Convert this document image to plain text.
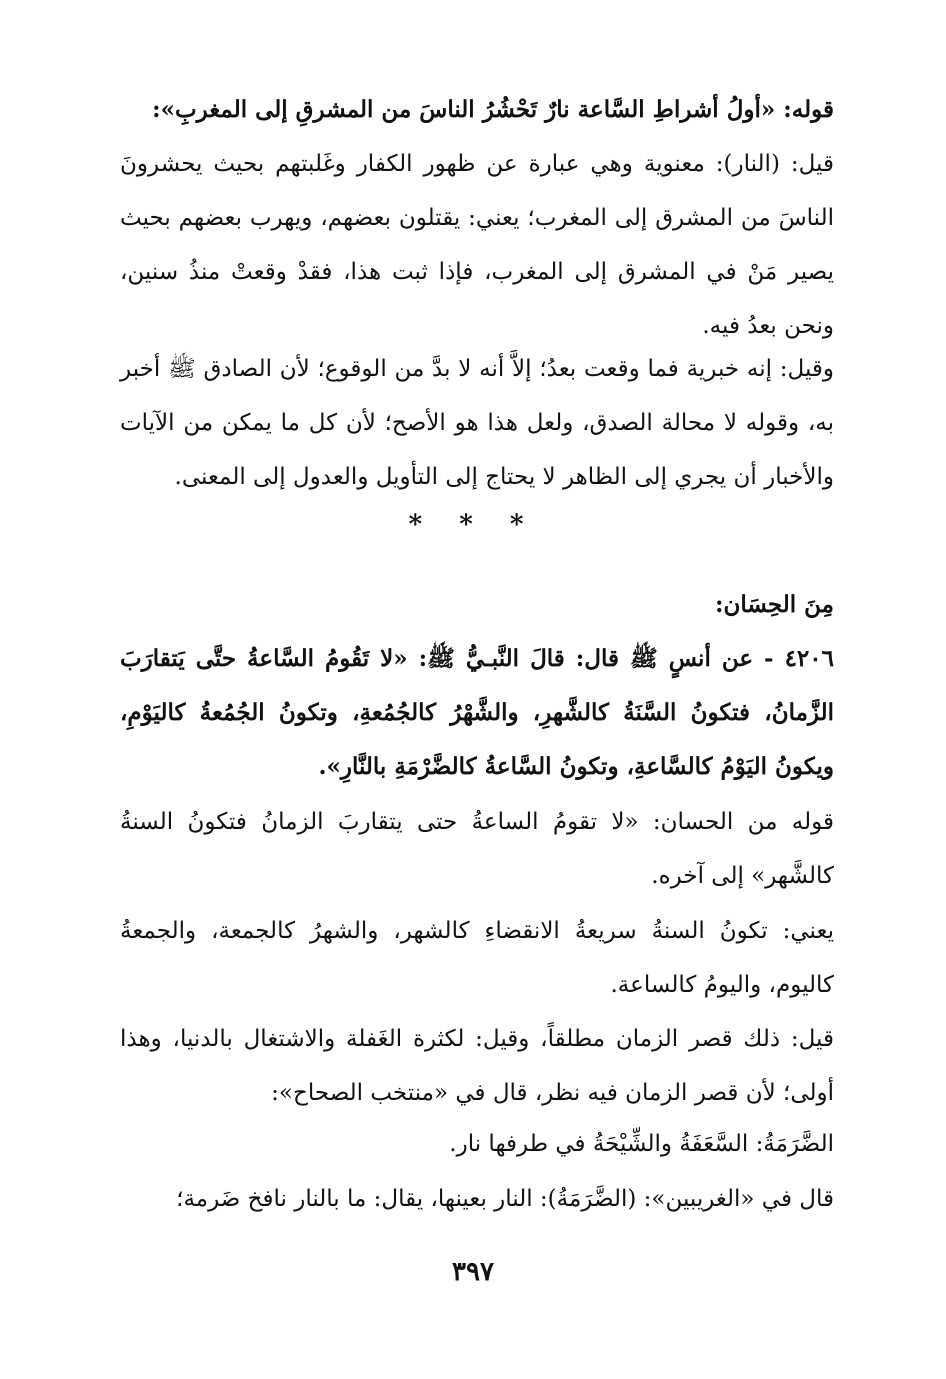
قوله: «أولُ أشراطِ السَّاعة نارٌ تَحْشُرُ الناسَ من المشرقِ إلى المغربِ»:

قيل: (النار): معنوية وهي عبارة عن ظهور الكفار وغَلبتهم بحيث يحشرونَ الناسَ من المشرق إلى المغرب؛ يعني: يقتلون بعضهم، ويهرب بعضهم بحيث يصير مَنْ في المشرق إلى المغرب، فإذا ثبت هذا، فقدْ وقعتْ منذُ سنين، ونحن بعدُ فيه.

وقيل: إنه خبرية فما وقعت بعدُ؛ إلاَّ أنه لا بدَّ من الوقوع؛ لأن الصادق ﷺ أخبر به، وقوله لا محالة الصدق، ولعل هذا هو الأصح؛ لأن كل ما يمكن من الآيات والأخبار أن يجري إلى الظاهر لا يحتاج إلى التأويل والعدول إلى المعنى.

* * *

مِنَ الحِسَان:

٤٢٠٦ - عن أنسٍ ﷺ قال: قالَ النَّبـيُّ ﷺ: «لا تَقُومُ السَّاعةُ حتَّى يَتقارَبَ الزَّمانُ، فتكونُ السَّنَةُ كالشَّهرِ، والشَّهْرُ كالجُمُعةِ، وتكونُ الجُمُعةُ كاليَوْمِ، ويكونُ اليَوْمُ كالسَّاعةِ، وتكونُ السَّاعةُ كالضَّرْمَةِ بالنَّارِ».

قوله من الحسان: «لا تقومُ الساعةُ حتى يتقاربَ الزمانُ فتكونُ السنةُ كالشَّهر» إلى آخره.

يعني: تكونُ السنةُ سريعةُ الانقضاءِ كالشهر، والشهرُ كالجمعة، والجمعةُ كاليوم، واليومُ كالساعة.

قيل: ذلك قصر الزمان مطلقاً، وقيل: لكثرة الغَفلة والاشتغال بالدنيا، وهذا أولى؛ لأن قصر الزمان فيه نظر، قال في «منتخب الصحاح»:

الضَّرَمَةُ: السَّعَفَةُ والشِّيْحَةُ في طرفها نار.

قال في «الغريبين»: (الضَّرَمَةُ): النار بعينها، يقال: ما بالنار نافخ ضَرمة؛

٣٩٧
